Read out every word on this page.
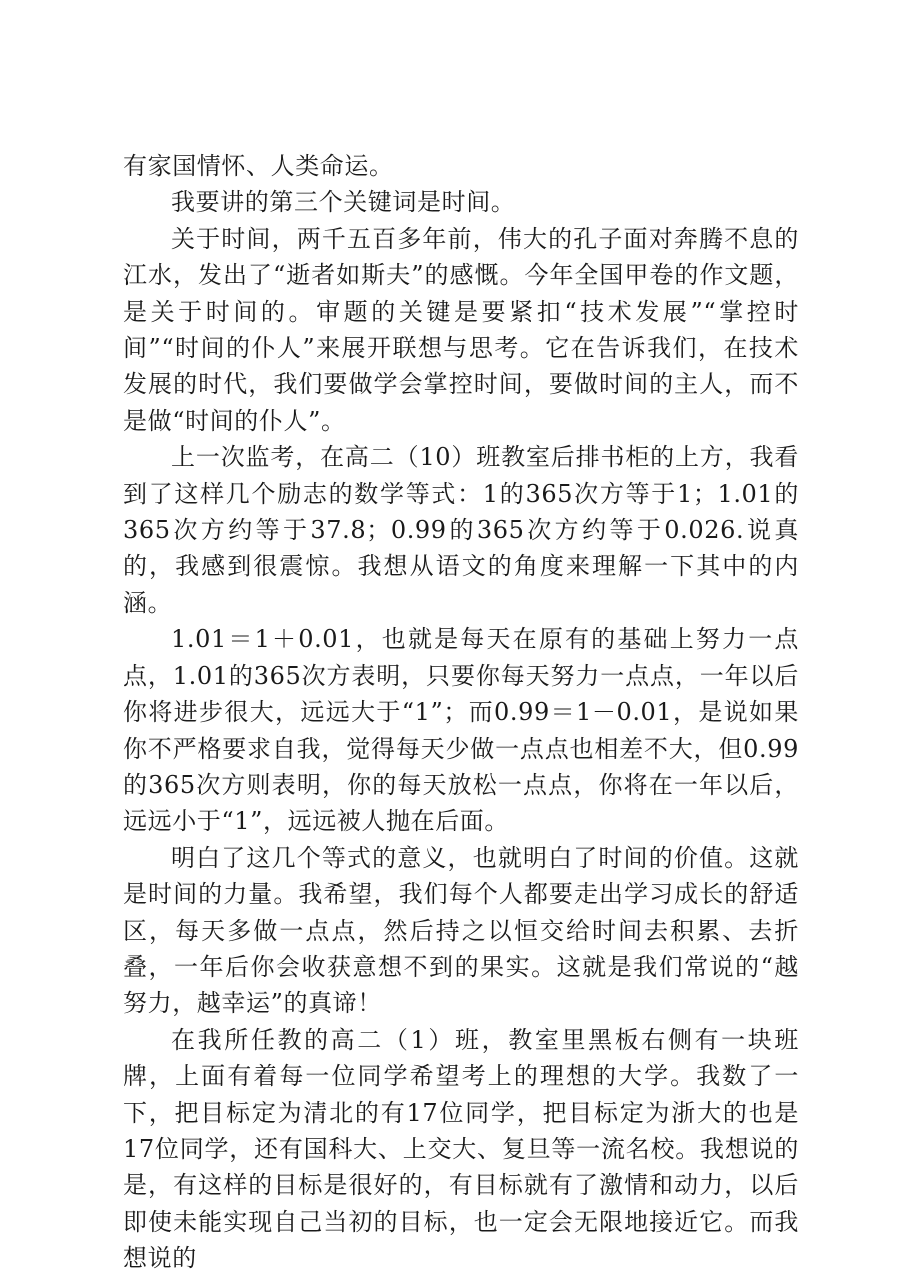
有家国情怀、人类命运。

我要讲的第三个关键词是时间。

关于时间，两千五百多年前，伟大的孔子面对奔腾不息的江水，发出了“逝者如斯夫”的感慨。今年全国甲卷的作文题，是关于时间的。审题的关键是要紧扣“技术发展”“掌控时间”“时间的仆人”来展开联想与思考。它在告诉我们，在技术发展的时代，我们要做学会掌控时间，要做时间的主人，而不是做“时间的仆人”。

上一次监考，在高二（10）班教室后排书柜的上方，我看到了这样几个励志的数学等式：1的365次方等于1；1.01的365次方约等于37.8；0.99的365次方约等于0.026.说真的，我感到很震惊。我想从语文的角度来理解一下其中的内涵。

1.01＝1＋0.01，也就是每天在原有的基础上努力一点点，1.01的365次方表明，只要你每天努力一点点，一年以后你将进步很大，远远大于“1”；而0.99＝1－0.01，是说如果你不严格要求自我，觉得每天少做一点点也相差不大，但0.99的365次方则表明，你的每天放松一点点，你将在一年以后，远远小于“1”，远远被人抛在后面。

明白了这几个等式的意义，也就明白了时间的价值。这就是时间的力量。我希望，我们每个人都要走出学习成长的舒适区，每天多做一点点，然后持之以恒交给时间去积累、去折叠，一年后你会收获意想不到的果实。这就是我们常说的“越努力，越幸运”的真谛！

在我所任教的高二（1）班，教室里黑板右侧有一块班牌，上面有着每一位同学希望考上的理想的大学。我数了一下，把目标定为清北的有17位同学，把目标定为浙大的也是17位同学，还有国科大、上交大、复旦等一流名校。我想说的是，有这样的目标是很好的，有目标就有了激情和动力，以后即使未能实现自己当初的目标，也一定会无限地接近它。而我想说的
